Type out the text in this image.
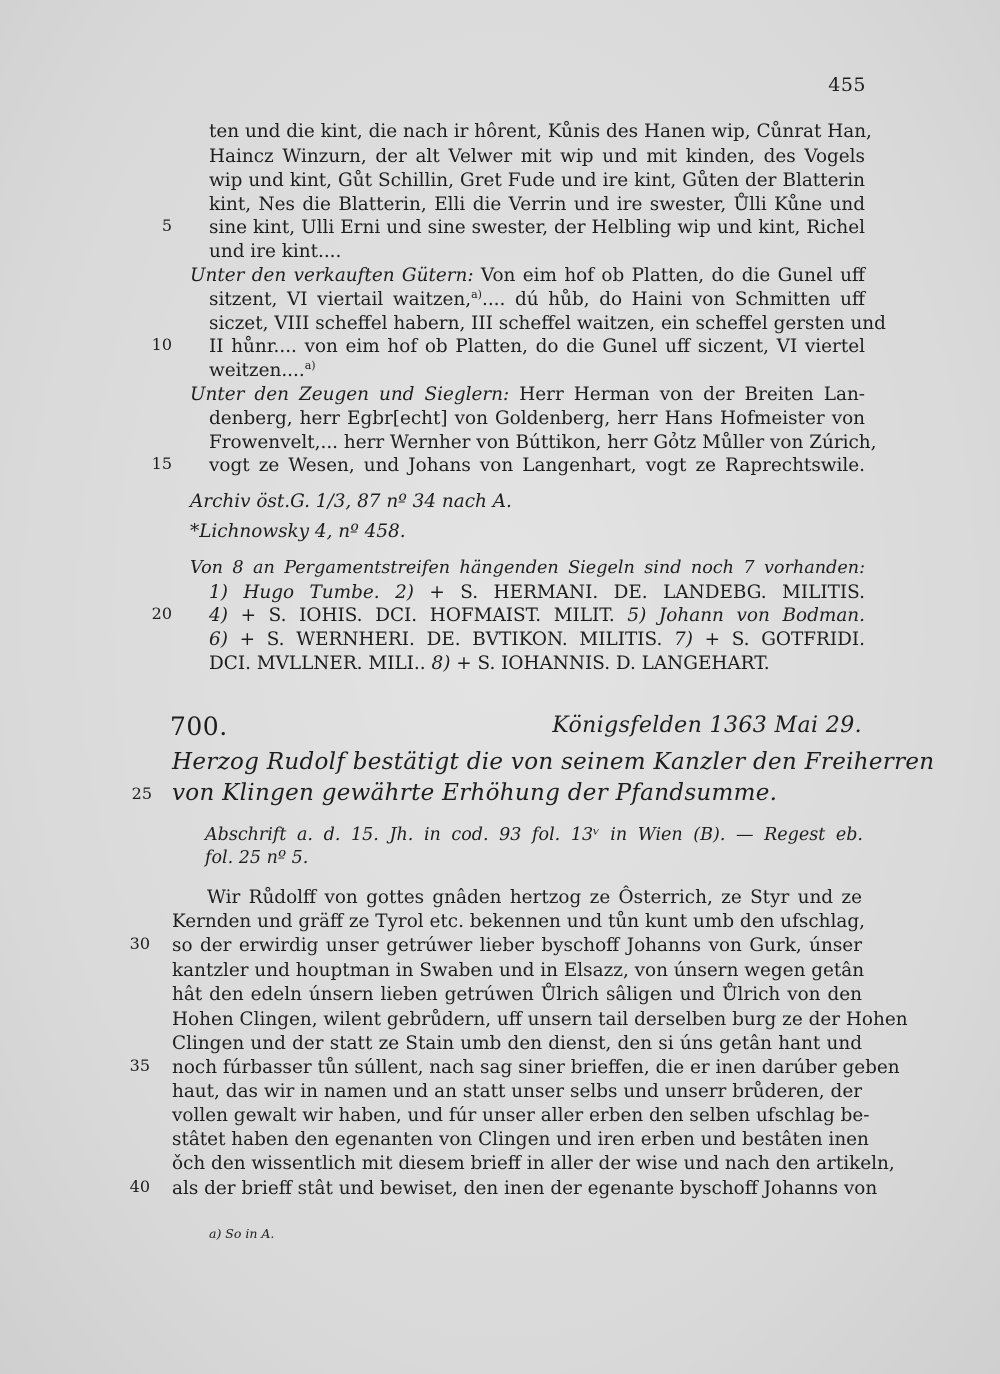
455
ten und die kint, die nach ir hôrent, Kůnis des Hanen wip, Cůnrat Han,
Haincz Winzurn, der alt Velwer mit wip und mit kinden, des Vogels
wip und kint, Gůt Schillin, Gret Fude und ire kint, Gůten der Blatterin
kint, Nes die Blatterin, Elli die Verrin und ire swester, Ůlli Kůne und
5 sine kint, Ulli Erni und sine swester, der Helbling wip und kint, Richel
und ire kint....
Unter den verkauften Gütern: Von eim hof ob Platten, do die Gunel uff
sitzent, VI viertail waitzen,$^{a)}$.... dú hůb, do Haini von Schmitten uff
siczet, VIII scheffel habern, III scheffel waitzen, ein scheffel gersten und
10 II hůnr.... von eim hof ob Platten, do die Gunel uff siczent, VI viertel
weitzen....$^{a)}$
Unter den Zeugen und Sieglern: Herr Herman von der Breiten Lan-
denberg, herr Egbr[echt] von Goldenberg, herr Hans Hofmeister von
Frowenvelt,... herr Wernher von Búttikon, herr Gỏtz Můller von Zúrich,
15 vogt ze Wesen, und Johans von Langenhart, vogt ze Raprechtswile.
Archiv öst.G. 1/3, 87 nº 34 nach A.
*Lichnowsky 4, nº 458.
Von 8 an Pergamentstreifen hängenden Siegeln sind noch 7 vorhanden:
1) Hugo Tumbe. 2) + S. HERMANI. DE. LANDEBG. MILITIS.
20 4) + S. IOHIS. DCI. HOFMAIST. MILIT. 5) Johann von Bodman.
6) + S. WERNHERI. DE. BVTIKON. MILITIS. 7) + S. GOTFRIDI.
DCI. MVLLNER. MILI.. 8) + S. IOHANNIS. D. LANGEHART.
700.	Königsfelden 1363 Mai 29.
Herzog Rudolf bestätigt die von seinem Kanzler den Freiherren
25 von Klingen gewährte Erhöhung der Pfandsumme.
Abschrift a. d. 15. Jh. in cod. 93 fol. 13ᵛ in Wien (B). — Regest eb.
fol. 25 nº 5.
Wir Růdolff von gottes gnâden hertzog ze Ôsterrich, ze Styr und ze
Kernden und gräff ze Tyrol etc. bekennen und tůn kunt umb den ufschlag,
30 so der erwirdig unser getrúwer lieber byschoff Johanns von Gurk, únser
kantzler und houptman in Swaben und in Elsazz, von únsern wegen getân
hât den edeln únsern lieben getrúwen Ůlrich sâligen und Ůlrich von den
Hohen Clingen, wilent gebrůdern, uff unsern tail derselben burg ze der Hohen
Clingen und der statt ze Stain umb den dienst, den si úns getân hant und
35 noch fúrbasser tůn súllent, nach sag siner brieffen, die er inen darúber geben
haut, das wir in namen und an statt unser selbs und unserr brůderen, der
vollen gewalt wir haben, und fúr unser aller erben den selben ufschlag be-
stâtet haben den egenanten von Clingen und iren erben und bestâten inen
ǒch den wissentlich mit diesem brieff in aller der wise und nach den artikeln,
40 als der brieff stât und bewiset, den inen der egenante byschoff Johanns von
a) So in A.
